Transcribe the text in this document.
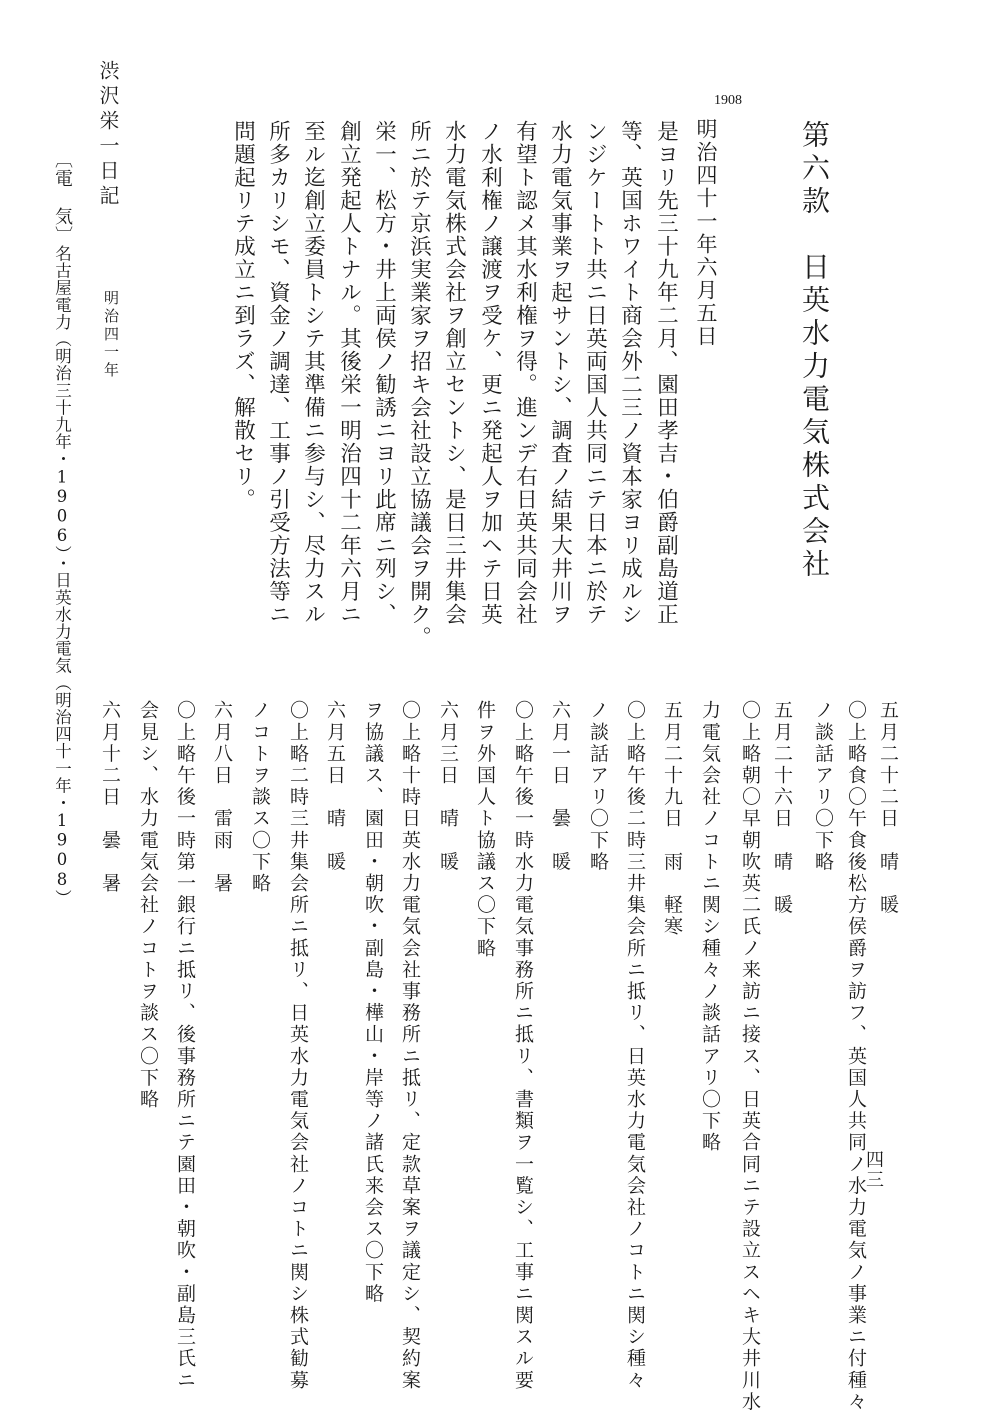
第六款　日英水力電気株式会社
1908
明治四十一年六月五日
是ヨリ先三十九年二月、園田孝吉・伯爵副島道正
等、英国ホワイト商会外二三ノ資本家ヨリ成ルシ
ンジケートト共ニ日英両国人共同ニテ日本ニ於テ
水力電気事業ヲ起サントシ、調査ノ結果大井川ヲ
有望ト認メ其水利権ヲ得。進ンデ右日英共同会社
ノ水利権ノ譲渡ヲ受ケ、更ニ発起人ヲ加ヘテ日英
水力電気株式会社ヲ創立セントシ、是日三井集会
所ニ於テ京浜実業家ヲ招キ会社設立協議会ヲ開ク。
栄一、松方・井上両侯ノ勧誘ニヨリ此席ニ列シ、
創立発起人トナル。其後栄一明治四十二年六月ニ
至ル迄創立委員トシテ其準備ニ参与シ、尽力スル
所多カリシモ、資金ノ調達、工事ノ引受方法等ニ
問題起リテ成立ニ到ラズ、解散セリ。
渋沢栄一日記
明治四一年
〔電　気〕
名古屋電力（明治三十九年・1906）・日英水力電気（明治四十一年・1908）	五月二十二日　晴　暖
〇上略食〇午食後松方侯爵ヲ訪フ、英国人共同ノ水力電気ノ事業ニ付種々
ノ談話アリ〇下略
五月二十六日　晴　暖
〇上略朝〇早朝吹英二氏ノ来訪ニ接ス、日英合同ニテ設立スヘキ大井川水
力電気会社ノコトニ関シ種々ノ談話アリ〇下略
五月二十九日　雨　軽寒
〇上略午後二時三井集会所ニ抵リ、日英水力電気会社ノコトニ関シ種々
ノ談話アリ〇下略
六月一日　曇　暖
〇上略午後一時水力電気事務所ニ抵リ、書類ヲ一覧シ、工事ニ関スル要
件ヲ外国人ト協議ス〇下略
六月三日　晴　暖
〇上略十時日英水力電気会社事務所ニ抵リ、定款草案ヲ議定シ、契約案
ヲ協議ス、園田・朝吹・副島・樺山・岸等ノ諸氏来会ス〇下略
六月五日　晴　暖
〇上略二時三井集会所ニ抵リ、日英水力電気会社ノコトニ関シ株式勧募
ノコトヲ談ス〇下略
六月八日　雷雨　暑
〇上略午後一時第一銀行ニ抵リ、後事務所ニテ園田・朝吹・副島三氏ニ
会見シ、水力電気会社ノコトヲ談ス〇下略
六月十二日　曇　暑
四三
